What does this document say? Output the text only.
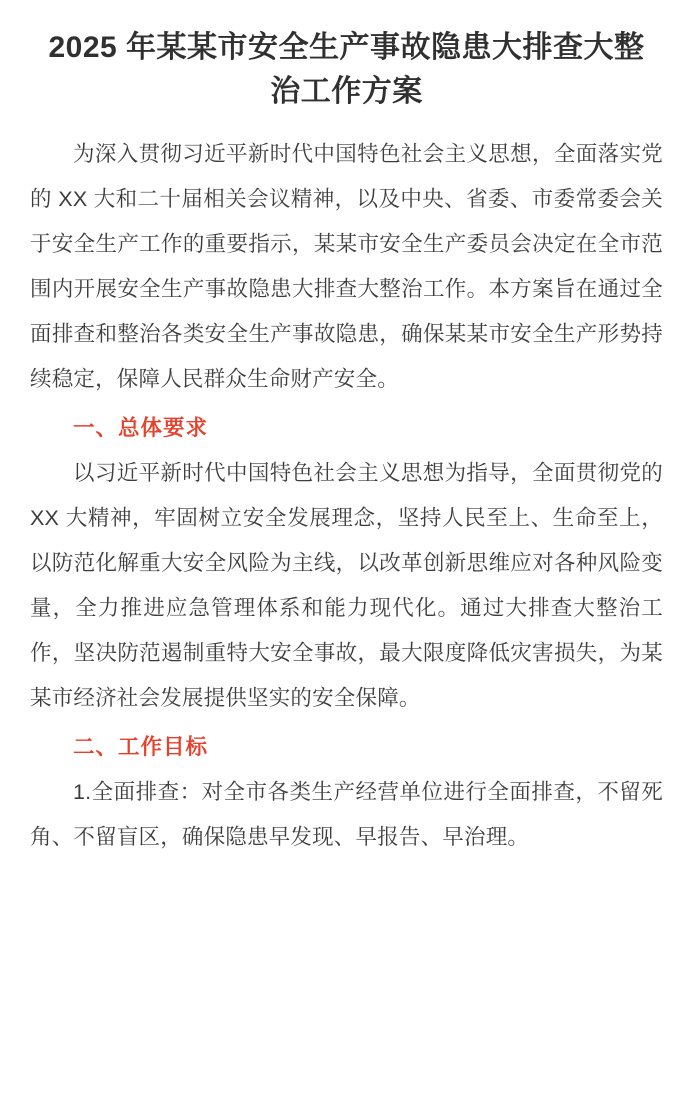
2025 年某某市安全生产事故隐患大排查大整治工作方案

为深入贯彻习近平新时代中国特色社会主义思想，全面落实党的 XX 大和二十届相关会议精神，以及中央、省委、市委常委会关于安全生产工作的重要指示，某某市安全生产委员会决定在全市范围内开展安全生产事故隐患大排查大整治工作。本方案旨在通过全面排查和整治各类安全生产事故隐患，确保某某市安全生产形势持续稳定，保障人民群众生命财产安全。

一、总体要求

以习近平新时代中国特色社会主义思想为指导，全面贯彻党的 XX 大精神，牢固树立安全发展理念，坚持人民至上、生命至上，以防范化解重大安全风险为主线，以改革创新思维应对各种风险变量，全力推进应急管理体系和能力现代化。通过大排查大整治工作，坚决防范遏制重特大安全事故，最大限度降低灾害损失，为某某市经济社会发展提供坚实的安全保障。

二、工作目标

1.全面排查：对全市各类生产经营单位进行全面排查，不留死角、不留盲区，确保隐患早发现、早报告、早治理。
